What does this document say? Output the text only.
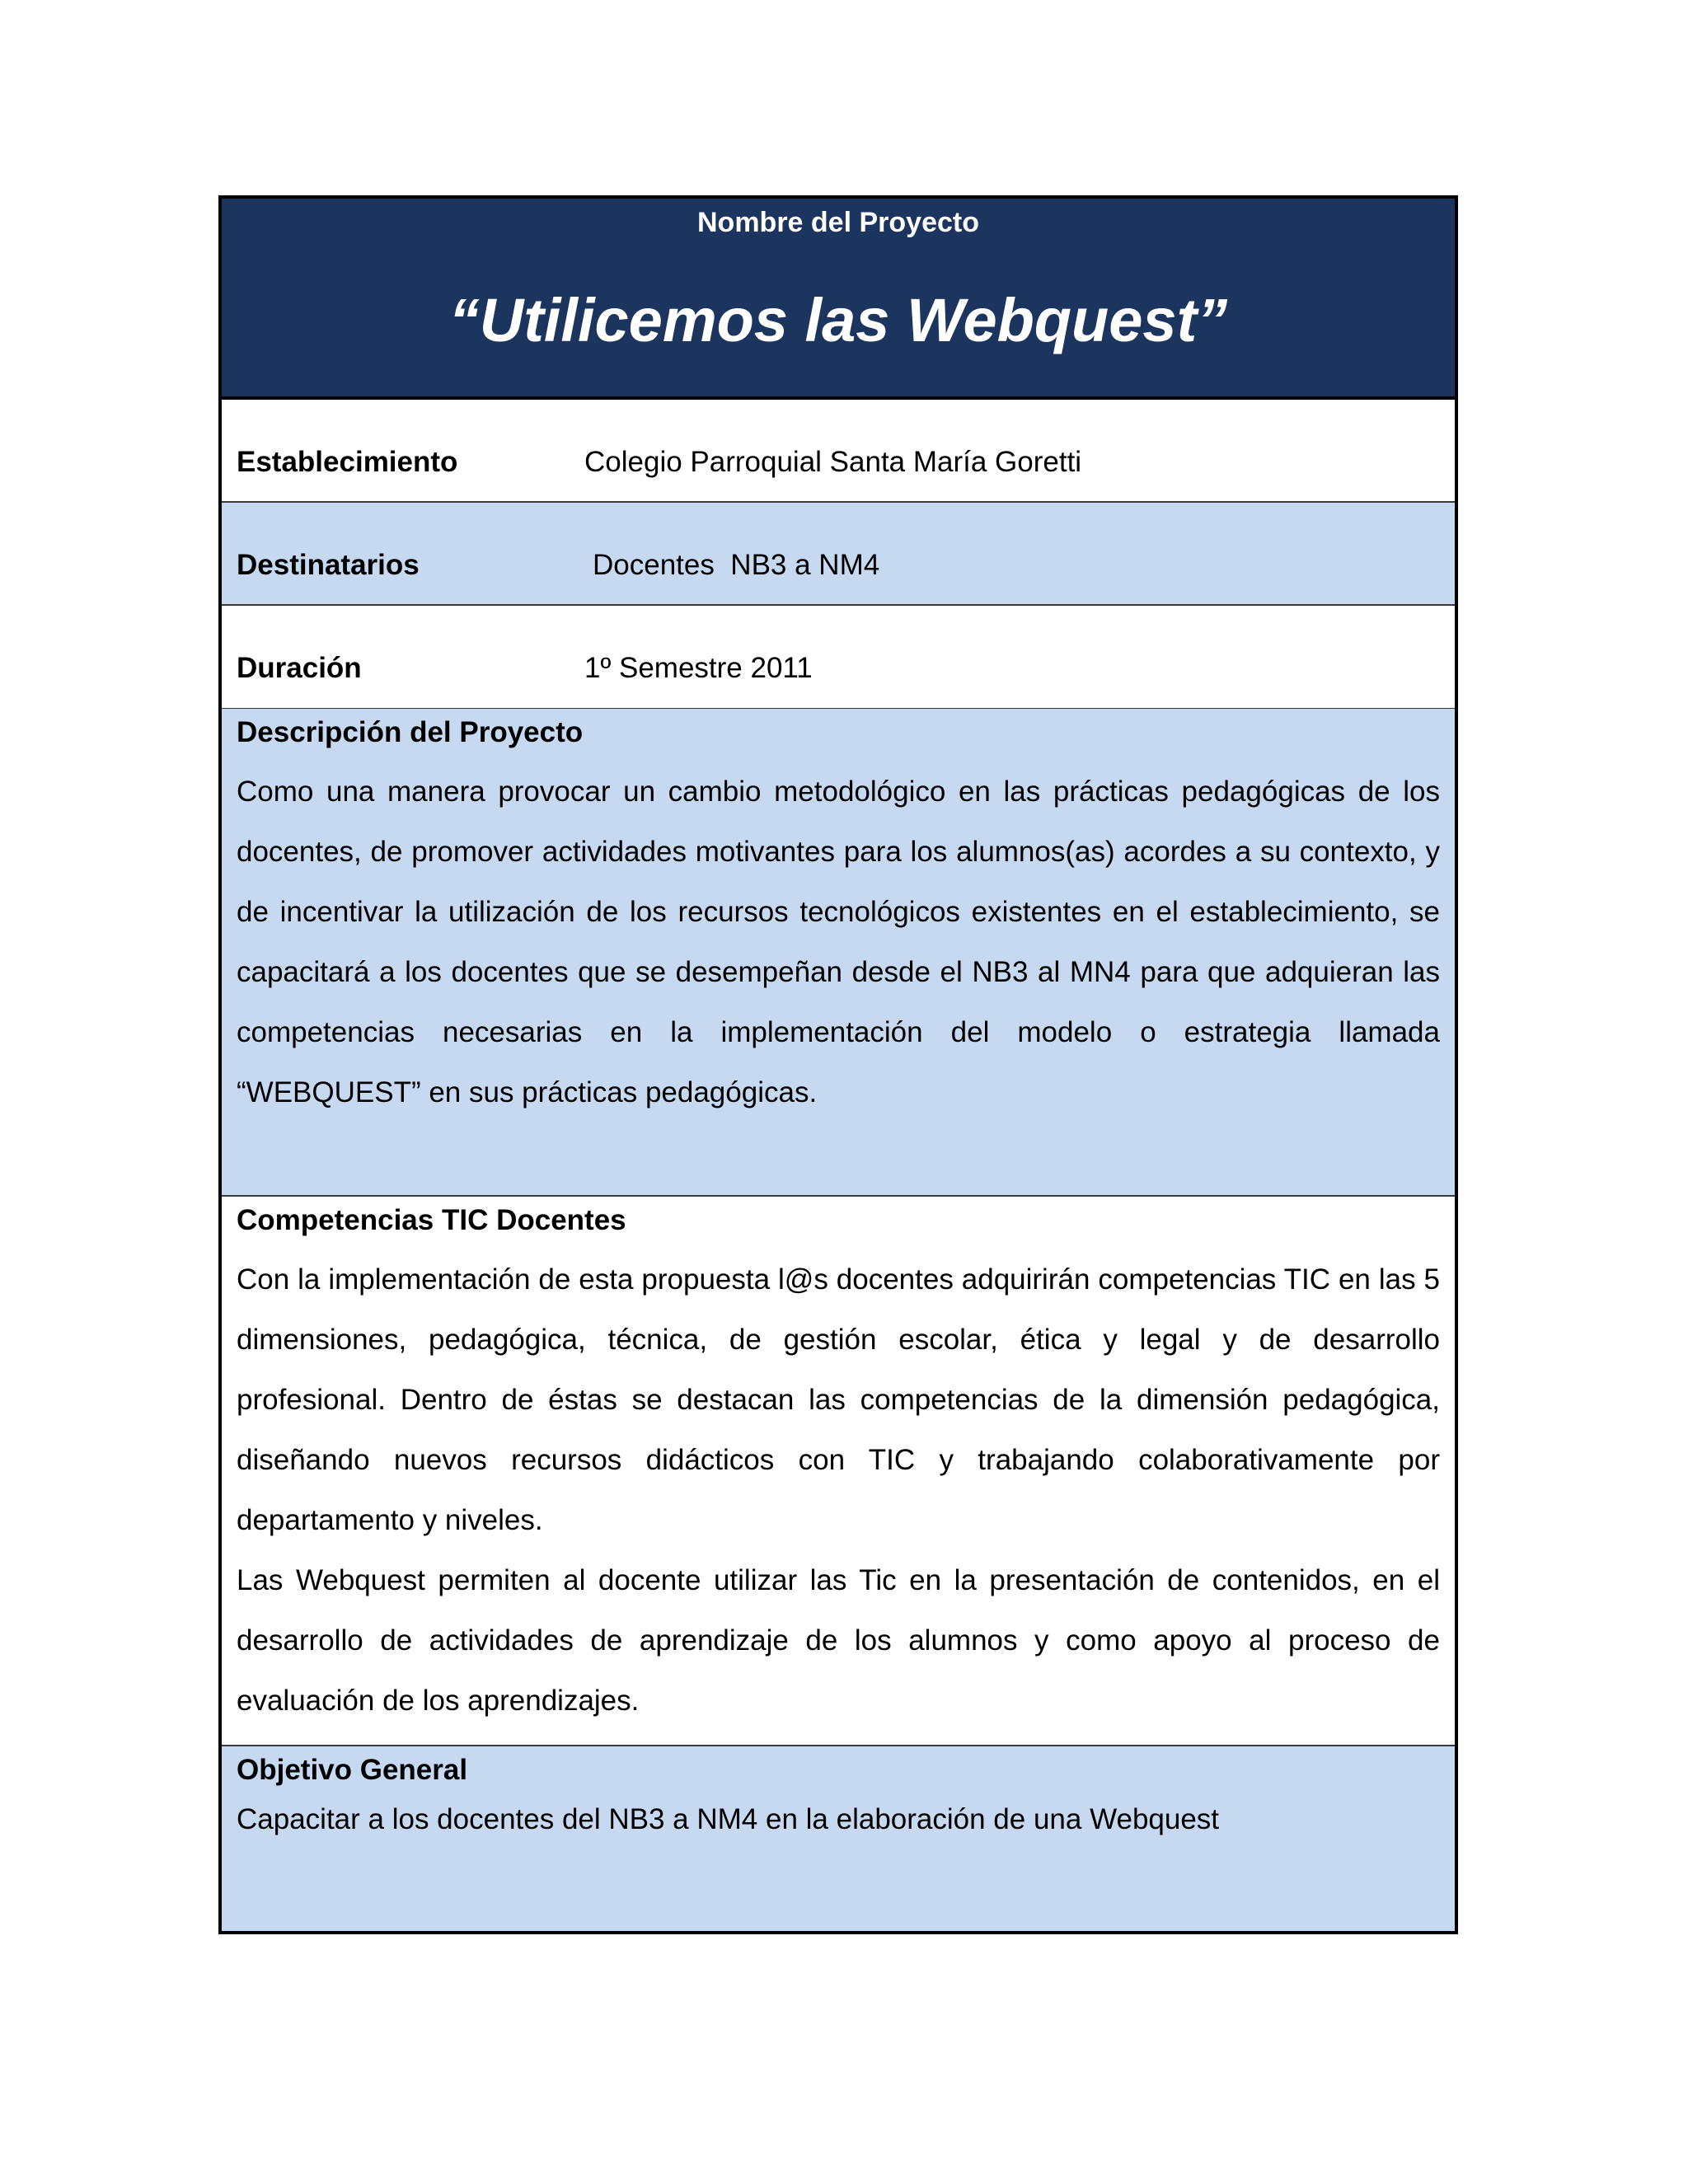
Nombre del Proyecto
“Utilicemos las Webquest”
Establecimiento	Colegio Parroquial Santa María Goretti
Destinatarios	Docentes  NB3 a NM4
Duración	1º Semestre 2011
Descripción del Proyecto

Como una manera provocar un cambio metodológico en las prácticas pedagógicas de los docentes, de promover actividades motivantes para los alumnos(as) acordes a su contexto, y de incentivar la utilización de los recursos tecnológicos existentes en el establecimiento, se capacitará a los docentes que se desempeñan desde el NB3 al MN4 para que adquieran las competencias necesarias en la implementación del modelo o estrategia llamada “WEBQUEST” en sus prácticas pedagógicas.

Competencias TIC Docentes

Con la implementación de esta propuesta l@s docentes adquirirán competencias TIC en las 5 dimensiones, pedagógica, técnica, de gestión escolar, ética y legal y de desarrollo profesional. Dentro de éstas se destacan las competencias de la dimensión pedagógica, diseñando nuevos recursos didácticos con TIC y trabajando colaborativamente por departamento y niveles.

Las Webquest permiten al docente utilizar las Tic en la presentación de contenidos, en el desarrollo de actividades de aprendizaje de los alumnos y como apoyo al proceso de evaluación de los aprendizajes.

Objetivo General

Capacitar a los docentes del NB3 a NM4 en la elaboración de una Webquest
